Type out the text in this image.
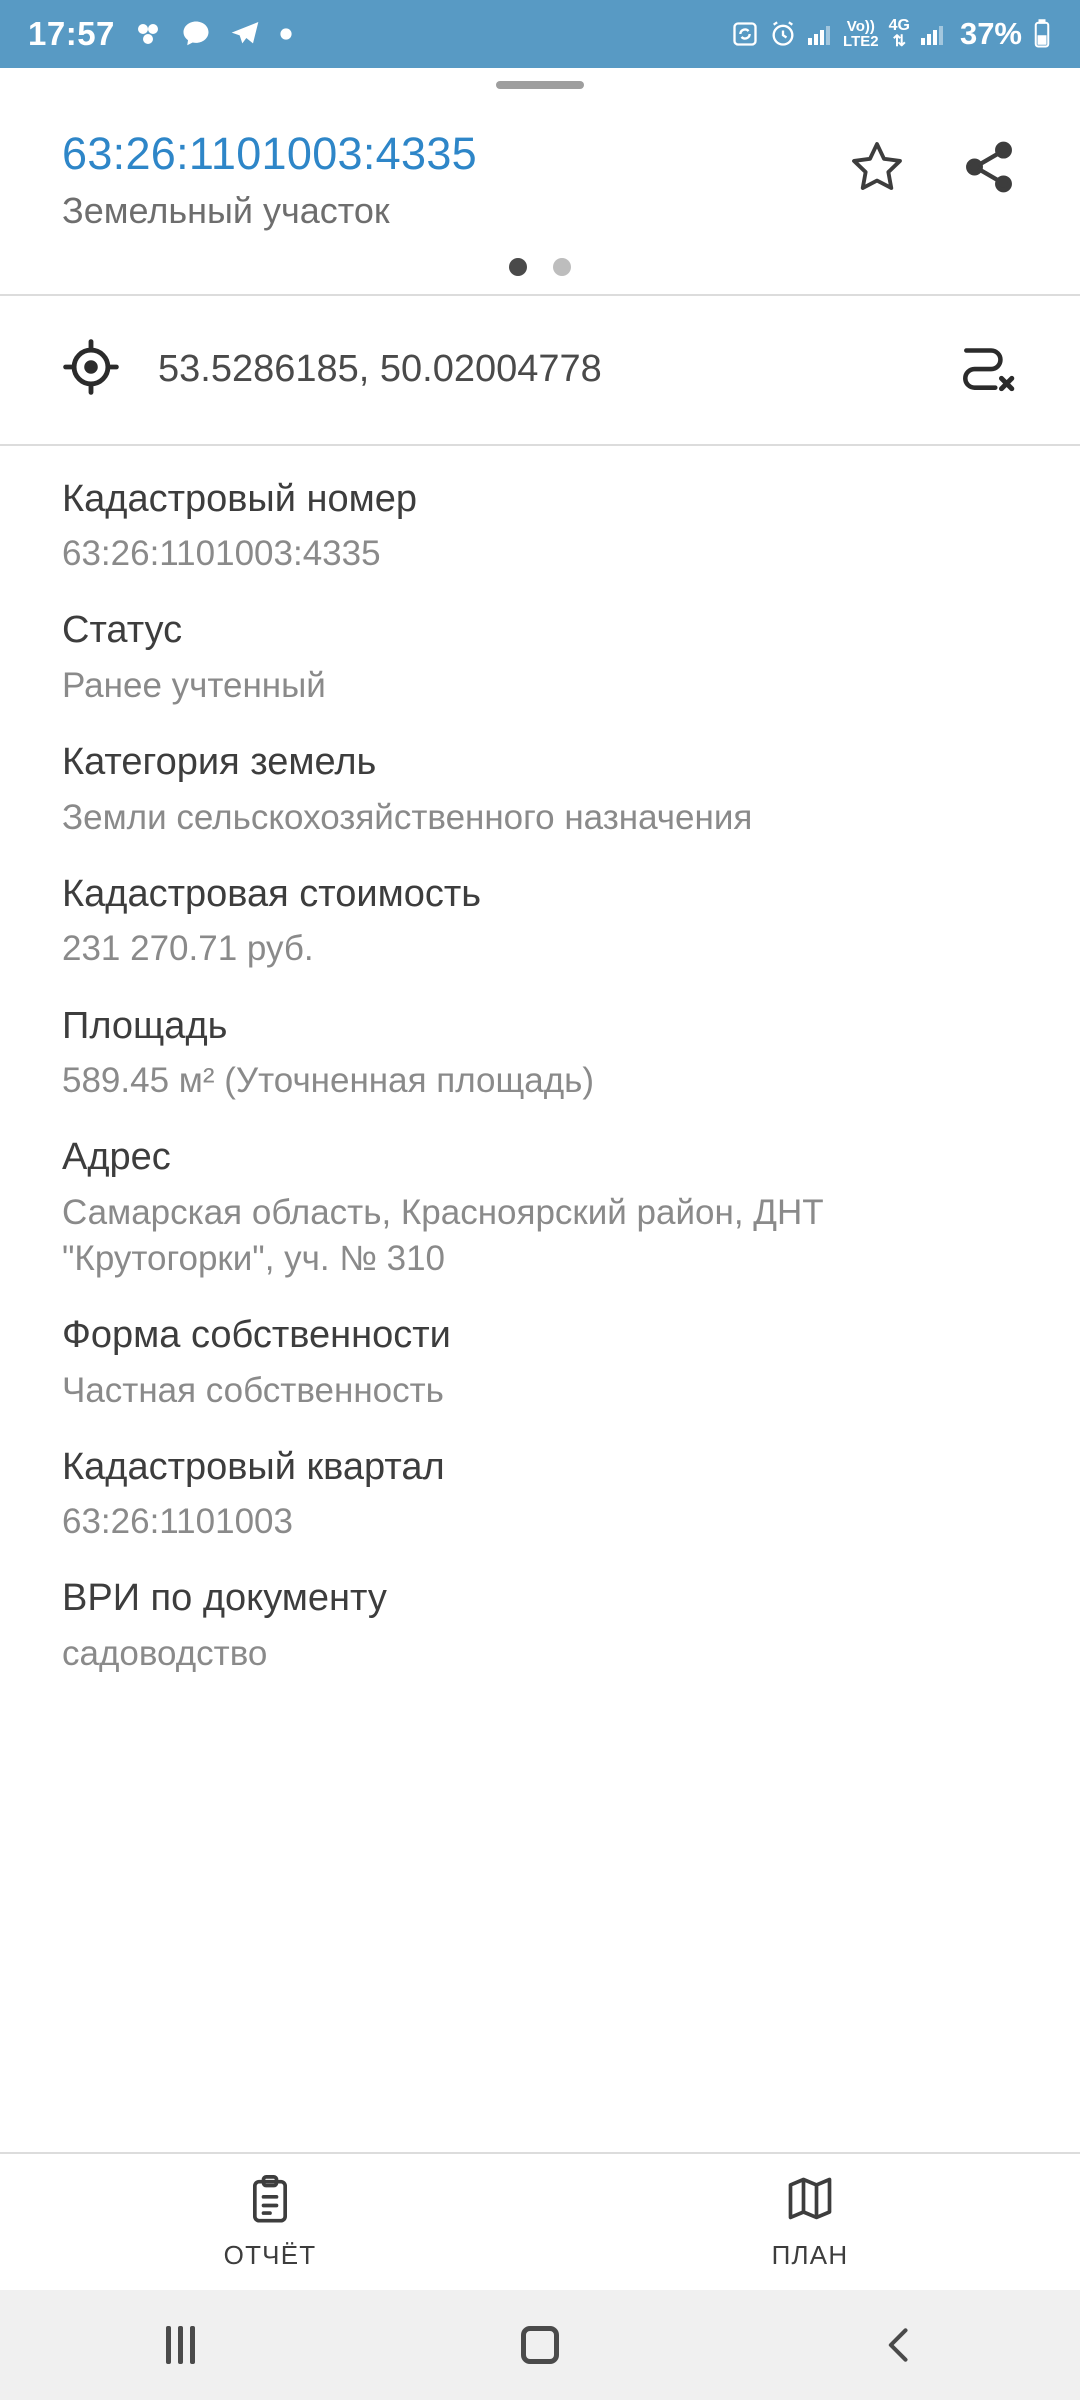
17:57	Vo))
LTE2
4G
⇅ 37%
63:26:1101003:4335
Земельный участок
53.5286185, 50.02004778
Кадастровый номер
63:26:1101003:4335
Статус
Ранее учтенный
Категория земель
Земли сельскохозяйственного назначения
Кадастровая стоимость
231 270.71 руб.
Площадь
589.45 м² (Уточненная площадь)
Адрес
Самарская область, Красноярский район, ДНТ "Крутогорки", уч. № 310
Форма собственности
Частная собственность
Кадастровый квартал
63:26:1101003
ВРИ по документу
садоводство
ОТЧЁТ	ПЛАН
